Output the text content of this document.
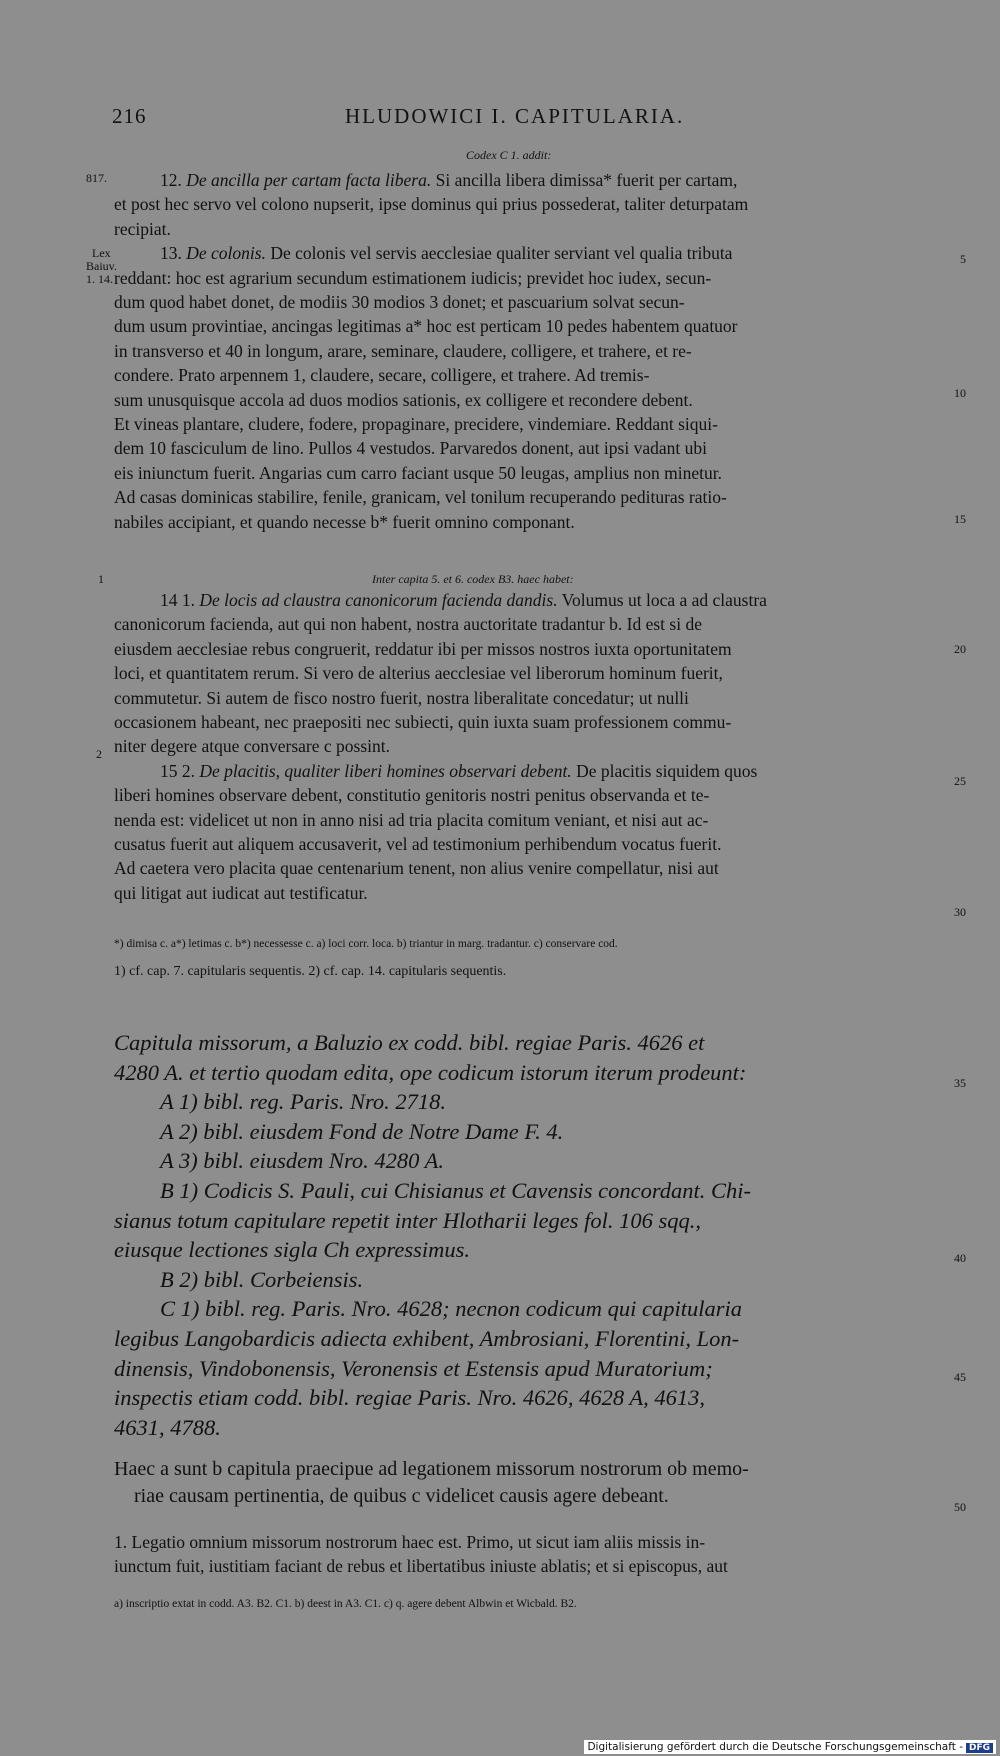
216	HLUDOWICI I. CAPITULARIA.
Codex C 1. addit:
817.
Lex
Baiuv.
1. 14.
12. De ancilla per cartam facta libera. Si ancilla libera dimissa* fuerit per cartam,
et post hec servo vel colono nupserit, ipse dominus qui prius possederat, taliter deturpatam
recipiat.
13. De colonis. De colonis vel servis aecclesiae qualiter serviant vel qualia tributa
reddant: hoc est agrarium secundum estimationem iudicis; previdet hoc iudex, secun-
dum quod habet donet, de modiis 30 modios 3 donet; et pascuarium solvat secun-
dum usum provintiae, ancingas legitimas a* hoc est perticam 10 pedes habentem quatuor
in transverso et 40 in longum, arare, seminare, claudere, colligere, et trahere, et re-
condere. Prato arpennem 1, claudere, secare, colligere, et trahere. Ad tremis-
sum unusquisque accola ad duos modios sationis, ex colligere et recondere debent.
Et vineas plantare, cludere, fodere, propaginare, precidere, vindemiare. Reddant siqui-
dem 10 fasciculum de lino. Pullos 4 vestudos. Parvaredos donent, aut ipsi vadant ubi
eis iniunctum fuerit. Angarias cum carro faciant usque 50 leugas, amplius non minetur.
Ad casas dominicas stabilire, fenile, granicam, vel tonilum recuperando pedituras ratio-
nabiles accipiant, et quando necesse b* fuerit omnino componant.
5
10
15
Inter capita 5. et 6. codex B3. haec habet:
1
2
14 1. De locis ad claustra canonicorum facienda dandis. Volumus ut loca a ad claustra
canonicorum facienda, aut qui non habent, nostra auctoritate tradantur b. Id est si de
eiusdem aecclesiae rebus congruerit, reddatur ibi per missos nostros iuxta oportunitatem
loci, et quantitatem rerum. Si vero de alterius aecclesiae vel liberorum hominum fuerit,
commutetur. Si autem de fisco nostro fuerit, nostra liberalitate concedatur; ut nulli
occasionem habeant, nec praepositi nec subiecti, quin iuxta suam professionem commu-
niter degere atque conversare c possint.
15 2. De placitis, qualiter liberi homines observari debent. De placitis siquidem quos
liberi homines observare debent, constitutio genitoris nostri penitus observanda et te-
nenda est: videlicet ut non in anno nisi ad tria placita comitum veniant, et nisi aut ac-
cusatus fuerit aut aliquem accusaverit, vel ad testimonium perhibendum vocatus fuerit.
Ad caetera vero placita quae centenarium tenent, non alius venire compellatur, nisi aut
qui litigat aut iudicat aut testificatur.
20
25
30
*) dimisa c. a*) letimas c. b*) necessesse c. a) loci corr. loca. b) triantur in marg. tradantur. c) conservare cod.
1) cf. cap. 7. capitularis sequentis. 2) cf. cap. 14. capitularis sequentis.
Capitula missorum, a Baluzio ex codd. bibl. regiae Paris. 4626 et
4280 A. et tertio quodam edita, ope codicum istorum iterum prodeunt:
A 1) bibl. reg. Paris. Nro. 2718.
A 2) bibl. eiusdem Fond de Notre Dame F. 4.
A 3) bibl. eiusdem Nro. 4280 A.
B 1) Codicis S. Pauli, cui Chisianus et Cavensis concordant. Chi-
sianus totum capitulare repetit inter Hlotharii leges fol. 106 sqq.,
eiusque lectiones sigla Ch expressimus.
B 2) bibl. Corbeiensis.
C 1) bibl. reg. Paris. Nro. 4628; necnon codicum qui capitularia
legibus Langobardicis adiecta exhibent, Ambrosiani, Florentini, Lon-
dinensis, Vindobonensis, Veronensis et Estensis apud Muratorium;
inspectis etiam codd. bibl. regiae Paris. Nro. 4626, 4628 A, 4613,
4631, 4788.
35
40
45
Haec a sunt b capitula praecipue ad legationem missorum nostrorum ob memo-
riae causam pertinentia, de quibus c videlicet causis agere debeant.	50
1. Legatio omnium missorum nostrorum haec est. Primo, ut sicut iam aliis missis in-
iunctum fuit, iustitiam faciant de rebus et libertatibus iniuste ablatis; et si episcopus, aut
a) inscriptio extat in codd. A3. B2. C1. b) deest in A3. C1. c) q. agere debent Albwin et Wicbald. B2.
Digitalisierung gefördert durch die Deutsche Forschungsgemeinschaft - DFG
